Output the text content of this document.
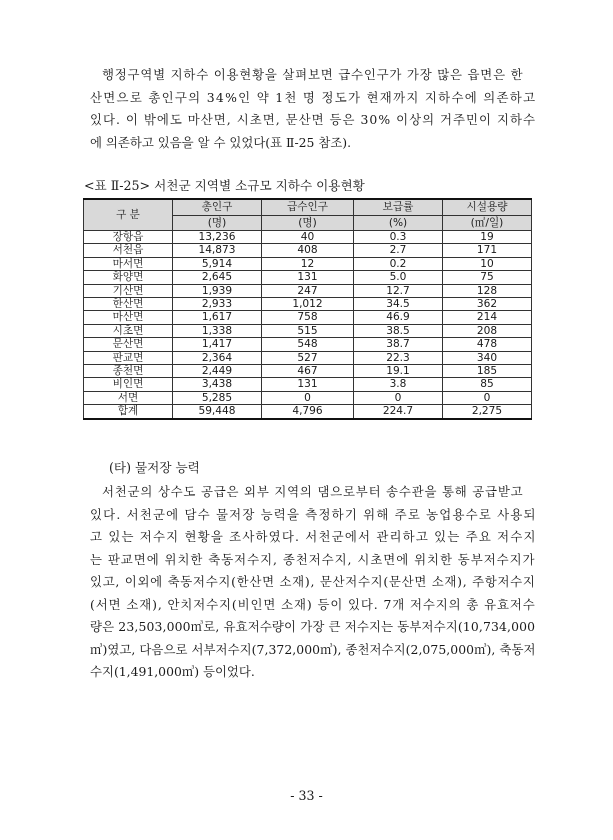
행정구역별 지하수 이용현황을 살펴보면 급수인구가 가장 많은 읍면은 한
산면으로 총인구의 34%인 약 1천 명 정도가 현재까지 지하수에 의존하고
있다. 이 밖에도 마산면, 시초면, 문산면 등은 30% 이상의 거주민이 지하수
에 의존하고 있음을 알 수 있었다(표 Ⅱ-25 참조).
<표 Ⅱ-25> 서천군 지역별 소규모 지하수 이용현황
구 분	총인구	급수인구	보급률	시설용량
	(명)	(명)	(%)	(㎥/일)
장항읍	13,236	40	0.3	19
서천읍	14,873	408	2.7	171
마서면	5,914	12	0.2	10
화양면	2,645	131	5.0	75
기산면	1,939	247	12.7	128
한산면	2,933	1,012	34.5	362
마산면	1,617	758	46.9	214
시초면	1,338	515	38.5	208
문산면	1,417	548	38.7	478
판교면	2,364	527	22.3	340
종천면	2,449	467	19.1	185
비인면	3,438	131	3.8	85
서면	5,285	0	0	0
합계	59,448	4,796	224.7	2,275
(타) 물저장 능력
서천군의 상수도 공급은 외부 지역의 댐으로부터 송수관을 통해 공급받고
있다. 서천군에 담수 물저장 능력을 측정하기 위해 주로 농업용수로 사용되
고 있는 저수지 현황을 조사하였다. 서천군에서 관리하고 있는 주요 저수지
는 판교면에 위치한 축동저수지, 종천저수지, 시초면에 위치한 동부저수지가
있고, 이외에 축동저수지(한산면 소재), 문산저수지(문산면 소재), 주항저수지
(서면 소재), 안치저수지(비인면 소재) 등이 있다. 7개 저수지의 총 유효저수
량은 23,503,000㎥로, 유효저수량이 가장 큰 저수지는 동부저수지(10,734,000
㎥)였고, 다음으로 서부저수지(7,372,000㎥), 종천저수지(2,075,000㎥), 축동저
수지(1,491,000㎥) 등이었다.
- 33 -
